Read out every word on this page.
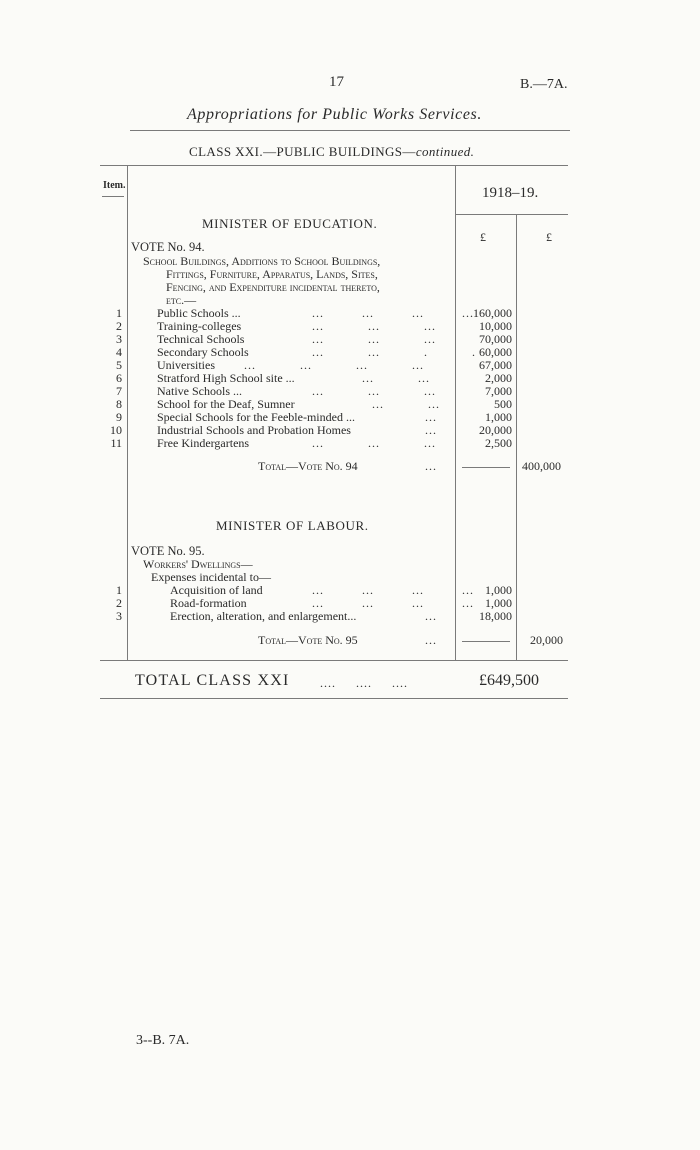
17	B.—7A.
Appropriations for Public Works Services.
CLASS XXI.—PUBLIC BUILDINGS—continued.
Item.	1918–19.
£	£
MINISTER OF EDUCATION.
VOTE No. 94.
School Buildings, Additions to School Buildings,
Fittings, Furniture, Apparatus, Lands, Sites,
Fencing, and Expenditure incidental thereto,
etc.—
1	Public Schools ...	... ... ... ... 160,000
2	Training-colleges	... ... ...	10,000
3	Technical Schools	... ... ...	70,000
4	Secondary Schools	... ... . . 60,000
5	Universities ... ... ... ...	67,000
6	Stratford High School site ...	... ...	2,000
7	Native Schools ...	... ... ...	7,000
8	School for the Deaf, Sumner	... ...	500
9	Special Schools for the Feeble-minded ...	...	1,000
10	Industrial Schools and Probation Homes	...	20,000
11	Free Kindergartens	... ... ...	2,500
Total—Vote No. 94	...	400,000
MINISTER OF LABOUR.
VOTE No. 95.
Workers' Dwellings—
Expenses incidental to—
1	Acquisition of land	... ... ... ... 1,000
2	Road-formation	... ... ... ... 1,000
3	Erection, alteration, and enlargement...	...	18,000
Total—Vote No. 95	...	20,000
TOTAL CLASS XXI	....     ....     ....	£649,500
3--B. 7A.
